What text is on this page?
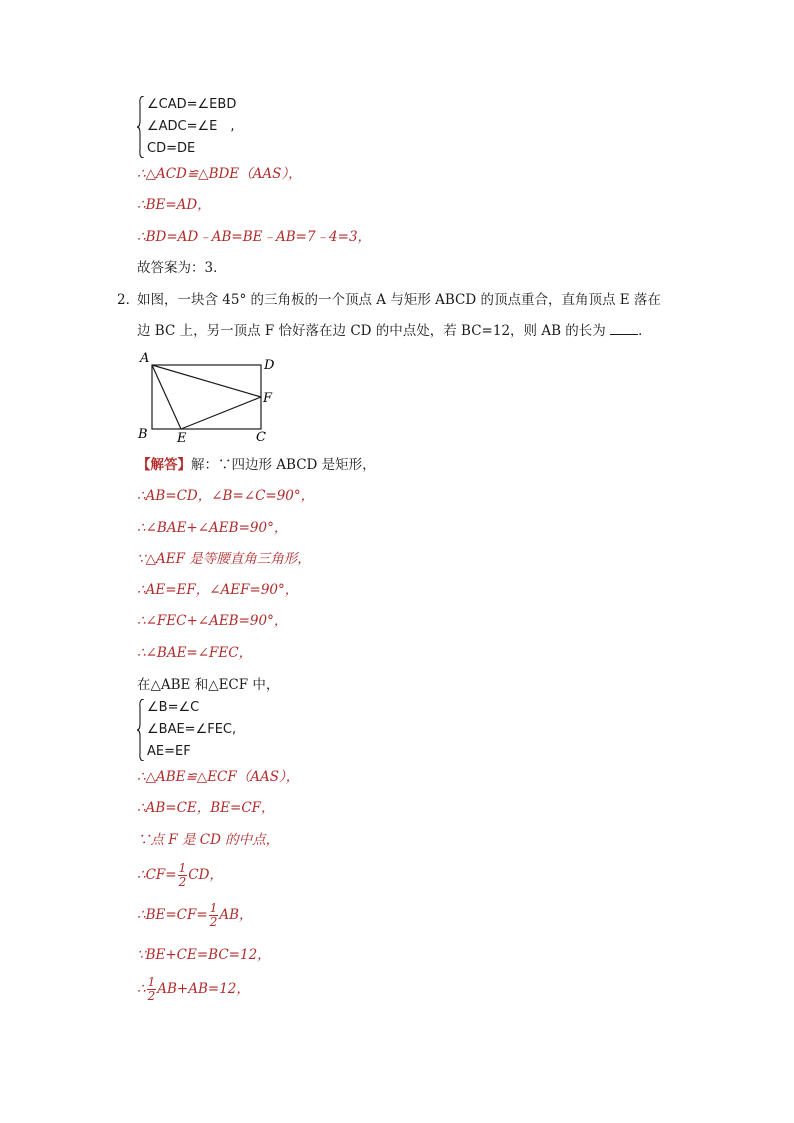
∠CAD=∠EBD
∠ADC=∠E　,
CD=DE
∴△ACD≌△BDE（AAS），
∴BE=AD，
∴BD=AD﹣AB=BE﹣AB=7﹣4=3，
故答案为：3．
2．
如图，一块含 45° 的三角板的一个顶点 A 与矩形 ABCD 的顶点重合，直角顶点 E 落在
边 BC 上，另一顶点 F 恰好落在边 CD 的中点处，若 BC=12，则 AB 的长为 ．
A	D
F
B E	C
【解答】解：∵四边形 ABCD 是矩形，
∴AB=CD，∠B=∠C=90°，
∴∠BAE+∠AEB=90°，
∵△AEF 是等腰直角三角形，
∴AE=EF，∠AEF=90°，
∴∠FEC+∠AEB=90°，
∴∠BAE=∠FEC，
在△ABE 和△ECF 中，
∠B=∠C
∠BAE=∠FEC,
AE=EF
∴△ABE≌△ECF（AAS），
∴AB=CE，BE=CF，
∵点 F 是 CD 的中点，
∴CF= $\frac{1}{2}$ CD，
∴BE=CF= $\frac{1}{2}$ AB，
∵BE+CE=BC=12，
∴ $\frac{1}{2} AB+AB=12$，
